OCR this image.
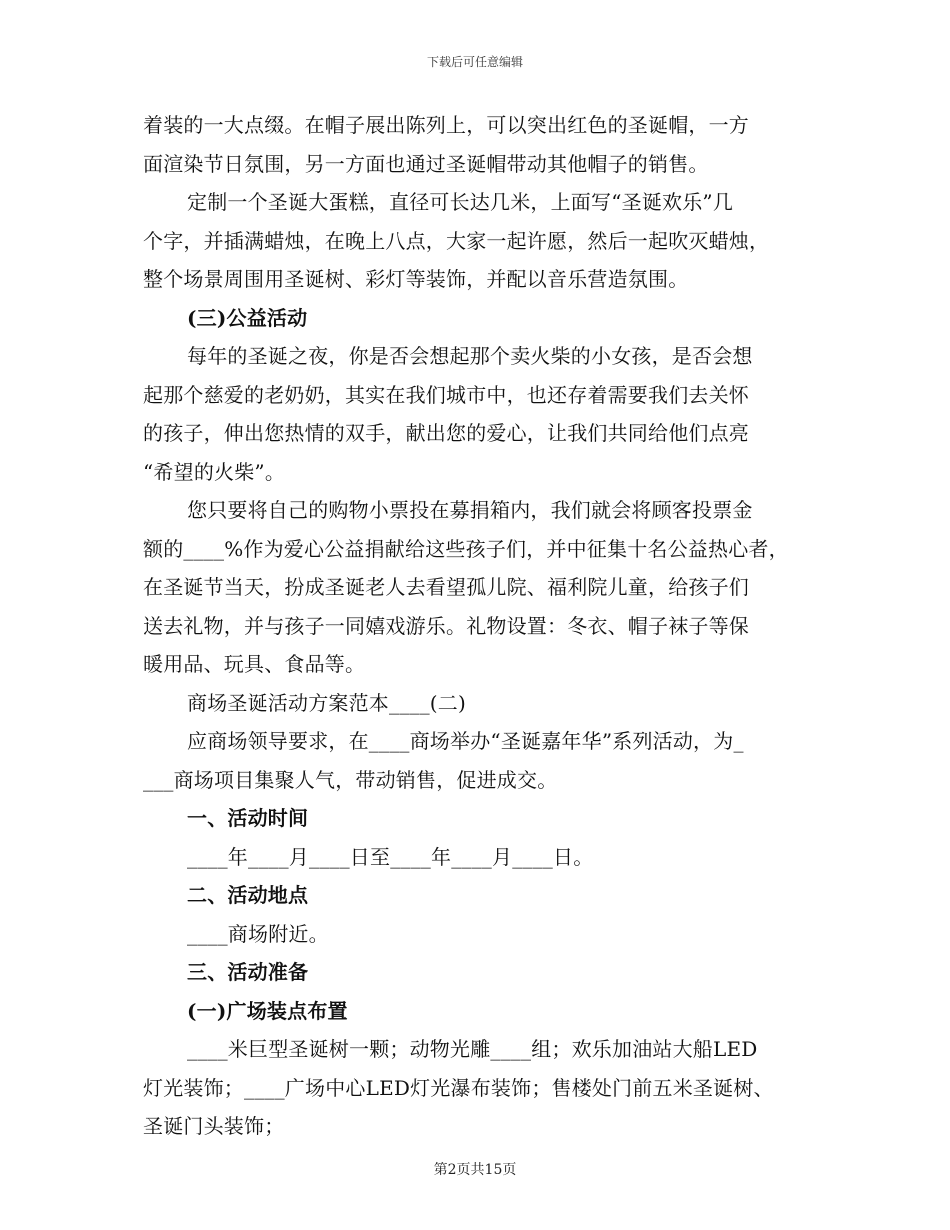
下载后可任意编辑
着装的一大点缀。在帽子展出陈列上，可以突出红色的圣诞帽，一方
面渲染节日氛围，另一方面也通过圣诞帽带动其他帽子的销售。
定制一个圣诞大蛋糕，直径可长达几米，上面写“圣诞欢乐”几
个字，并插满蜡烛，在晚上八点，大家一起许愿，然后一起吹灭蜡烛，
整个场景周围用圣诞树、彩灯等装饰，并配以音乐营造氛围。
(三)公益活动
每年的圣诞之夜，你是否会想起那个卖火柴的小女孩，是否会想
起那个慈爱的老奶奶，其实在我们城市中，也还存着需要我们去关怀
的孩子，伸出您热情的双手，献出您的爱心，让我们共同给他们点亮
“希望的火柴”。
您只要将自己的购物小票投在募捐箱内，我们就会将顾客投票金
额的____%作为爱心公益捐献给这些孩子们，并中征集十名公益热心者，
在圣诞节当天，扮成圣诞老人去看望孤儿院、福利院儿童，给孩子们
送去礼物，并与孩子一同嬉戏游乐。礼物设置：冬衣、帽子袜子等保
暖用品、玩具、食品等。
商场圣诞活动方案范本____(二)
应商场领导要求，在____商场举办“圣诞嘉年华”系列活动，为_
___商场项目集聚人气，带动销售，促进成交。
一、活动时间
____年____月____日至____年____月____日。
二、活动地点
____商场附近。
三、活动准备
(一)广场装点布置
____米巨型圣诞树一颗；动物光雕____组；欢乐加油站大船LED
灯光装饰；____广场中心LED灯光瀑布装饰；售楼处门前五米圣诞树、
圣诞门头装饰；
第2页共15页
